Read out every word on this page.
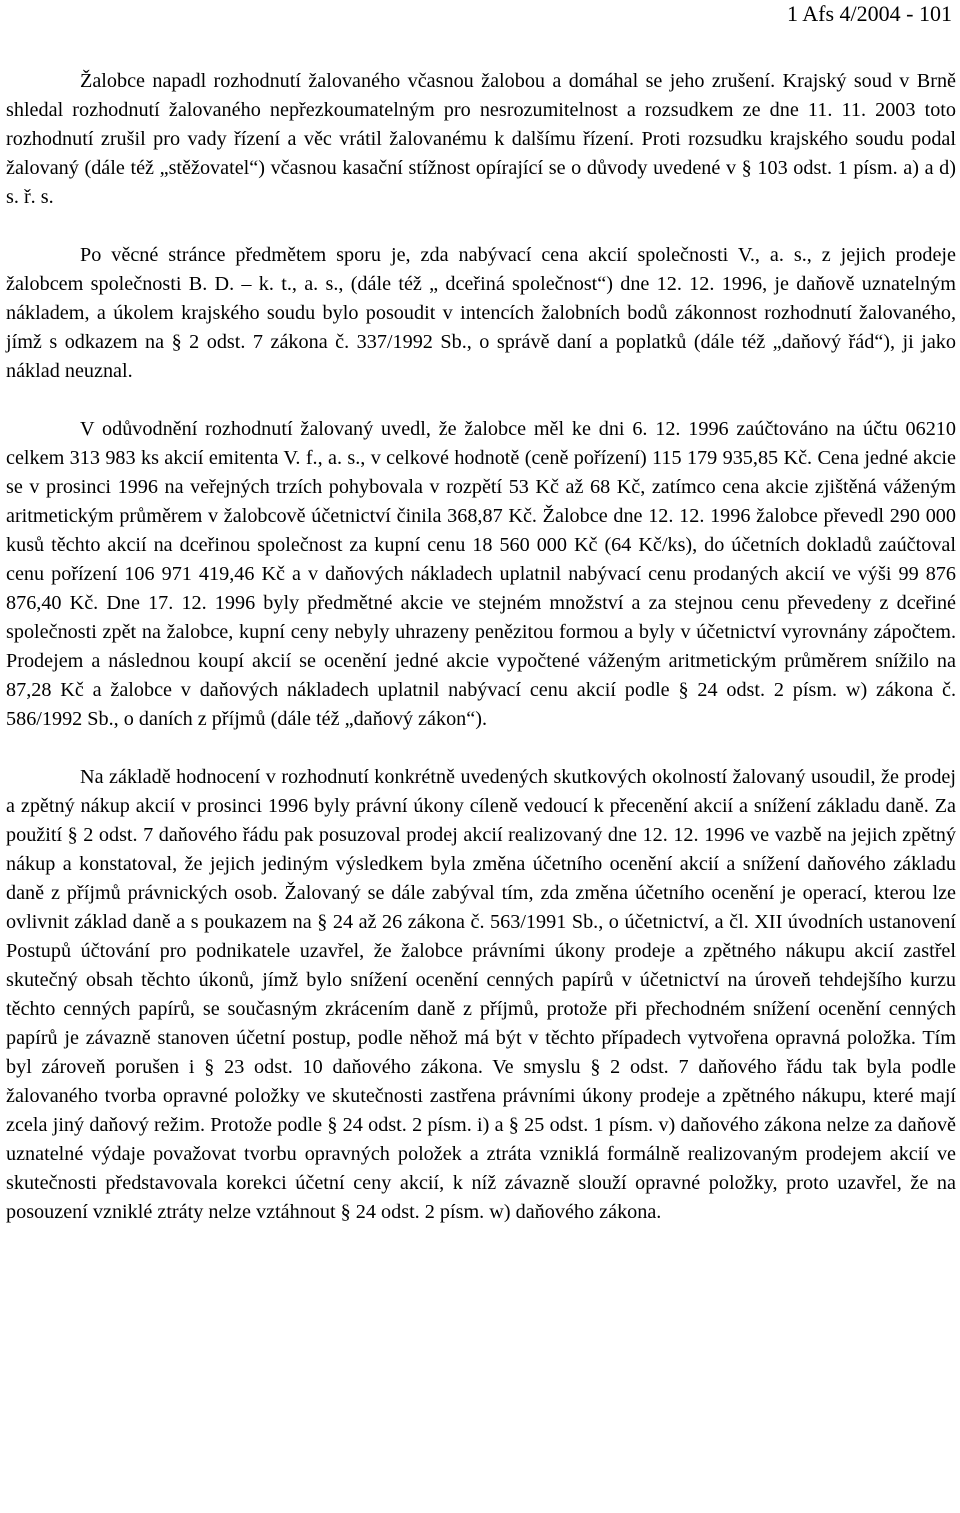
1 Afs 4/2004 - 101

Žalobce napadl rozhodnutí žalovaného včasnou žalobou a domáhal se jeho zrušení. Krajský soud v Brně shledal rozhodnutí žalovaného nepřezkoumatelným pro nesrozumitelnost a rozsudkem ze dne 11. 11. 2003 toto rozhodnutí zrušil pro vady řízení a věc vrátil žalovanému k dalšímu řízení. Proti rozsudku krajského soudu podal žalovaný (dále též „stěžovatel“) včasnou kasační stížnost opírající se o důvody uvedené v § 103 odst. 1 písm. a) a d) s. ř. s.

Po věcné stránce předmětem sporu je, zda nabývací cena akcií společnosti V., a. s., z jejich prodeje žalobcem společnosti B. D. – k. t., a. s., (dále též „ dceřiná společnost“) dne 12. 12. 1996, je daňově uznatelným nákladem, a úkolem krajského soudu bylo posoudit v intencích žalobních bodů zákonnost rozhodnutí žalovaného, jímž s odkazem na § 2 odst. 7 zákona č. 337/1992 Sb., o správě daní a poplatků (dále též „daňový řád“), ji jako náklad neuznal.

V odůvodnění rozhodnutí žalovaný uvedl, že žalobce měl ke dni 6. 12. 1996 zaúčtováno na účtu 06210 celkem 313 983 ks akcií emitenta V. f., a. s., v celkové hodnotě (ceně pořízení) 115 179 935,85 Kč. Cena jedné akcie se v prosinci 1996 na veřejných trzích pohybovala v rozpětí 53 Kč až 68 Kč, zatímco cena akcie zjištěná váženým aritmetickým průměrem v žalobcově účetnictví činila 368,87 Kč. Žalobce dne 12. 12. 1996 žalobce převedl 290 000 kusů těchto akcií na dceřinou společnost za kupní cenu 18 560 000 Kč (64 Kč/ks), do účetních dokladů zaúčtoval cenu pořízení 106 971 419,46 Kč a v daňových nákladech uplatnil nabývací cenu prodaných akcií ve výši 99 876 876,40 Kč. Dne 17. 12. 1996 byly předmětné akcie ve stejném množství a za stejnou cenu převedeny z dceřiné společnosti zpět na žalobce, kupní ceny nebyly uhrazeny penězitou formou a byly v účetnictví vyrovnány zápočtem. Prodejem a následnou koupí akcií se ocenění jedné akcie vypočtené váženým aritmetickým průměrem snížilo na 87,28 Kč a žalobce v daňových nákladech uplatnil nabývací cenu akcií podle § 24 odst. 2 písm. w) zákona č. 586/1992 Sb., o daních z příjmů (dále též „daňový zákon“).

Na základě hodnocení v rozhodnutí konkrétně uvedených skutkových okolností žalovaný usoudil, že prodej a zpětný nákup akcií v prosinci 1996 byly právní úkony cíleně vedoucí k přecenění akcií a snížení základu daně. Za použití § 2 odst. 7 daňového řádu pak posuzoval prodej akcií realizovaný dne 12. 12. 1996 ve vazbě na jejich zpětný nákup a konstatoval, že jejich jediným výsledkem byla změna účetního ocenění akcií a snížení daňového základu daně z příjmů právnických osob. Žalovaný se dále zabýval tím, zda změna účetního ocenění je operací, kterou lze ovlivnit základ daně a s poukazem na § 24 až 26 zákona č. 563/1991 Sb., o účetnictví, a čl. XII úvodních ustanovení Postupů účtování pro podnikatele uzavřel, že žalobce právními úkony prodeje a zpětného nákupu akcií zastřel skutečný obsah těchto úkonů, jímž bylo snížení ocenění cenných papírů v účetnictví na úroveň tehdejšího kurzu těchto cenných papírů, se současným zkrácením daně z příjmů, protože při přechodném snížení ocenění cenných papírů je závazně stanoven účetní postup, podle něhož má být v těchto případech vytvořena opravná položka. Tím byl zároveň porušen i § 23 odst. 10 daňového zákona. Ve smyslu § 2 odst. 7 daňového řádu tak byla podle žalovaného tvorba opravné položky ve skutečnosti zastřena právními úkony prodeje a zpětného nákupu, které mají zcela jiný daňový režim. Protože podle § 24 odst. 2 písm. i) a § 25 odst. 1 písm. v) daňového zákona nelze za daňově uznatelné výdaje považovat tvorbu opravných položek a ztráta vzniklá formálně realizovaným prodejem akcií ve skutečnosti představovala korekci účetní ceny akcií, k níž závazně slouží opravné položky, proto uzavřel, že na posouzení vzniklé ztráty nelze vztáhnout § 24 odst. 2 písm. w) daňového zákona.
